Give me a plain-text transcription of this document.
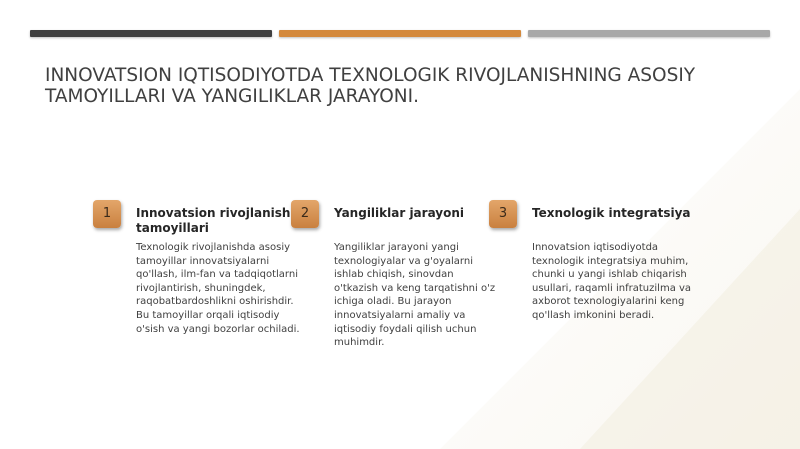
INNOVATSION IQTISODIYOTDA TEXNOLOGIK RIVOJLANISHNING ASOSIY TAMOYILLARI VA YANGILIKLAR JARAYONI.
1	Innovatsion rivojlanish tamoyillari
Texnologik rivojlanishda asosiy tamoyillar innovatsiyalarni qo'llash, ilm-fan va tadqiqotlarni rivojlantirish, shuningdek, raqobatbardoshlikni oshirishdir. Bu tamoyillar orqali iqtisodiy o'sish va yangi bozorlar ochiladi.
2	Yangiliklar jarayoni
Yangiliklar jarayoni yangi texnologiyalar va g'oyalarni ishlab chiqish, sinovdan o'tkazish va keng tarqatishni o'z ichiga oladi. Bu jarayon innovatsiyalarni amaliy va iqtisodiy foydali qilish uchun muhimdir.
3	Texnologik integratsiya
Innovatsion iqtisodiyotda texnologik integratsiya muhim, chunki u yangi ishlab chiqarish usullari, raqamli infratuzilma va axborot texnologiyalarini keng qo'llash imkonini beradi.
